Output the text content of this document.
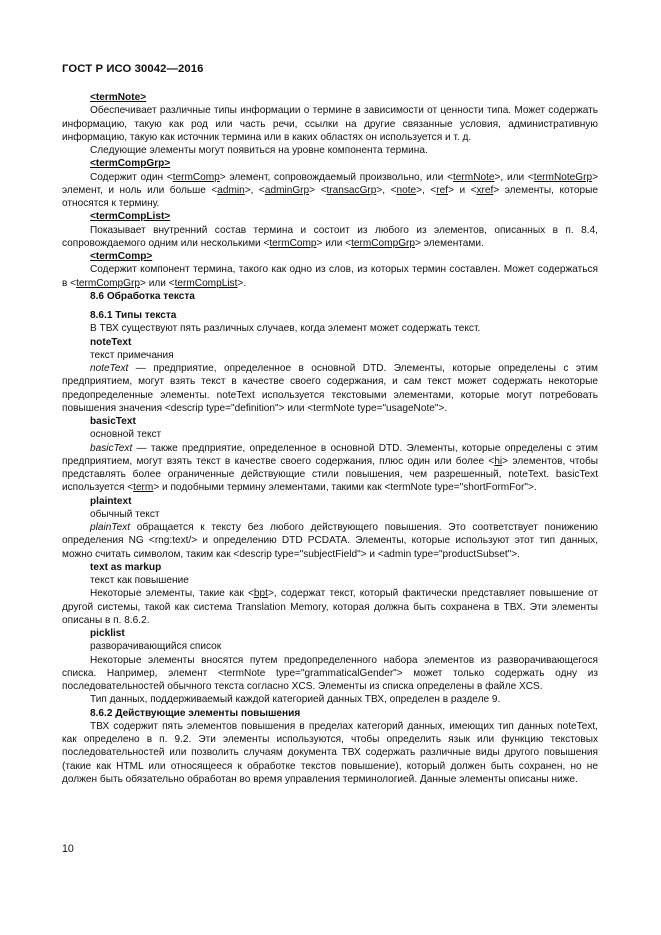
ГОСТ Р ИСО 30042—2016

<termNote>

Обеспечивает различные типы информации о термине в зависимости от ценности типа. Может содержать информацию, такую как род или часть речи, ссылки на другие связанные условия, административную информацию, такую как источник термина или в каких областях он используется и т. д.

Следующие элементы могут появиться на уровне компонента термина.

<termCompGrp>

Содержит один <termComp> элемент, сопровождаемый произвольно, или <termNote>, или <termNoteGrp> элемент, и ноль или больше <admin>, <adminGrp> <transacGrp>, <note>, <ref> и <xref> элементы, которые относятся к термину.

<termCompList>

Показывает внутренний состав термина и состоит из любого из элементов, описанных в п. 8.4, сопровождаемого одним или несколькими <termComp> или <termCompGrp> элементами.

<termComp>

Содержит компонент термина, такого как одно из слов, из которых термин составлен. Может содержаться в <termCompGrp> или <termCompList>.

8.6 Обработка текста

8.6.1 Типы текста

В ТВХ существуют пять различных случаев, когда элемент может содержать текст.

noteText

текст примечания

noteText — предприятие, определенное в основной DTD. Элементы, которые определены с этим предприятием, могут взять текст в качестве своего содержания, и сам текст может содержать некоторые предопределенные элементы. noteText используется текстовыми элементами, которые могут потребовать повышения значения <descrip type="definition"> или <termNote type="usageNote">.

basicText

основной текст

basicText — также предприятие, определенное в основной DTD. Элементы, которые определены с этим предприятием, могут взять текст в качестве своего содержания, плюс один или более <hi> элементов, чтобы представлять более ограниченные действующие стили повышения, чем разрешенный, noteText. basicText используется <term> и подобными термину элементами, такими как <termNote type="shortFormFor">.

plaintext

обычный текст

plainText обращается к тексту без любого действующего повышения. Это соответствует понижению определения NG <rng:text/> и определению DTD PCDATA. Элементы, которые используют этот тип данных, можно считать символом, таким как <descrip type="subjectField"> и <admin type="productSubset">.

text as markup

текст как повышение

Некоторые элементы, такие как <bpt>, содержат текст, который фактически представляет повышение от другой системы, такой как система Translation Memory, которая должна быть сохранена в ТВХ. Эти элементы описаны в п. 8.6.2.

picklist

разворачивающийся список

Некоторые элементы вносятся путем предопределенного набора элементов из разворачивающегося списка. Например, элемент <termNote type="grammaticalGender"> может только содержать одну из последовательностей обычного текста согласно XCS. Элементы из списка определены в файле XCS.

Тип данных, поддерживаемый каждой категорией данных ТВХ, определен в разделе 9.

8.6.2 Действующие элементы повышения

ТВХ содержит пять элементов повышения в пределах категорий данных, имеющих тип данных noteText, как определено в п. 9.2. Эти элементы используются, чтобы определить язык или функцию текстовых последовательностей или позволить случаям документа ТВХ содержать различные виды другого повышения (такие как HTML или относящееся к обработке текстов повышение), который должен быть сохранен, но не должен быть обязательно обработан во время управления терминологией. Данные элементы описаны ниже.

10
